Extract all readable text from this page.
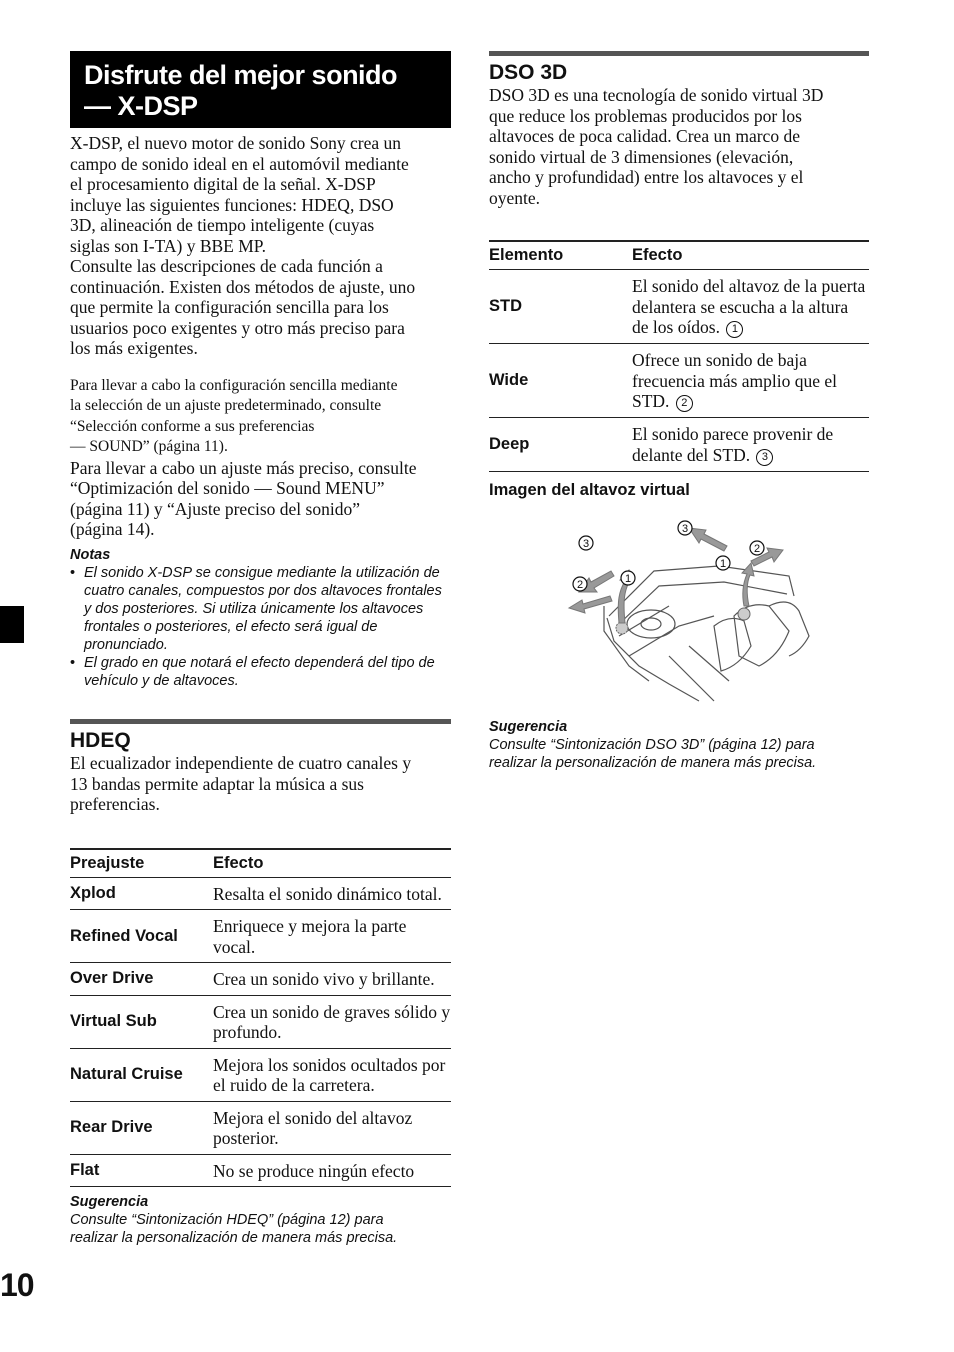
Disfrute del mejor sonido
— X-DSP
X-DSP, el nuevo motor de sonido Sony crea un
campo de sonido ideal en el automóvil mediante
el procesamiento digital de la señal. X-DSP
incluye las siguientes funciones: HDEQ, DSO
3D, alineación de tiempo inteligente (cuyas
siglas son I-TA) y BBE MP.
Consulte las descripciones de cada función a
continuación. Existen dos métodos de ajuste, uno
que permite la configuración sencilla para los
usuarios poco exigentes y otro más preciso para
los más exigentes.
Para llevar a cabo la configuración sencilla mediante
la selección de un ajuste predeterminado, consulte
“Selección conforme a sus preferencias
— SOUND” (página 11).
Para llevar a cabo un ajuste más preciso, consulte
“Optimización del sonido — Sound MENU”
(página 11) y “Ajuste preciso del sonido”
(página 14).
Notas
• El sonido X-DSP se consigue mediante la utilización de cuatro canales, compuestos por dos altavoces frontales y dos posteriores. Si utiliza únicamente los altavoces frontales o posteriores, el efecto será igual de pronunciado.
• El grado en que notará el efecto dependerá del tipo de vehículo y de altavoces.
HDEQ
El ecualizador independiente de cuatro canales y
13 bandas permite adaptar la música a sus
preferencias.
Preajuste	Efecto
Xplod	Resalta el sonido dinámico total.
Refined Vocal	Enriquece y mejora la parte vocal.
Over Drive	Crea un sonido vivo y brillante.
Virtual Sub	Crea un sonido de graves sólido y profundo.
Natural Cruise	Mejora los sonidos ocultados por el ruido de la carretera.
Rear Drive	Mejora el sonido del altavoz posterior.
Flat	No se produce ningún efecto
Sugerencia
Consulte “Sintonización HDEQ” (página 12) para
realizar la personalización de manera más precisa.
DSO 3D
DSO 3D es una tecnología de sonido virtual 3D
que reduce los problemas producidos por los
altavoces de poca calidad. Crea un marco de
sonido virtual de 3 dimensiones (elevación,
ancho y profundidad) entre los altavoces y el
oyente.
Elemento	Efecto
STD	El sonido del altavoz de la puerta delantera se escucha a la altura de los oídos. 1
Wide	Ofrece un sonido de baja frecuencia más amplio que el STD. 2
Deep	El sonido parece provenir de delante del STD. 3
Imagen del altavoz virtual
3
2	1
3
1
2
Sugerencia
Consulte “Sintonización DSO 3D” (página 12) para
realizar la personalización de manera más precisa.
10
